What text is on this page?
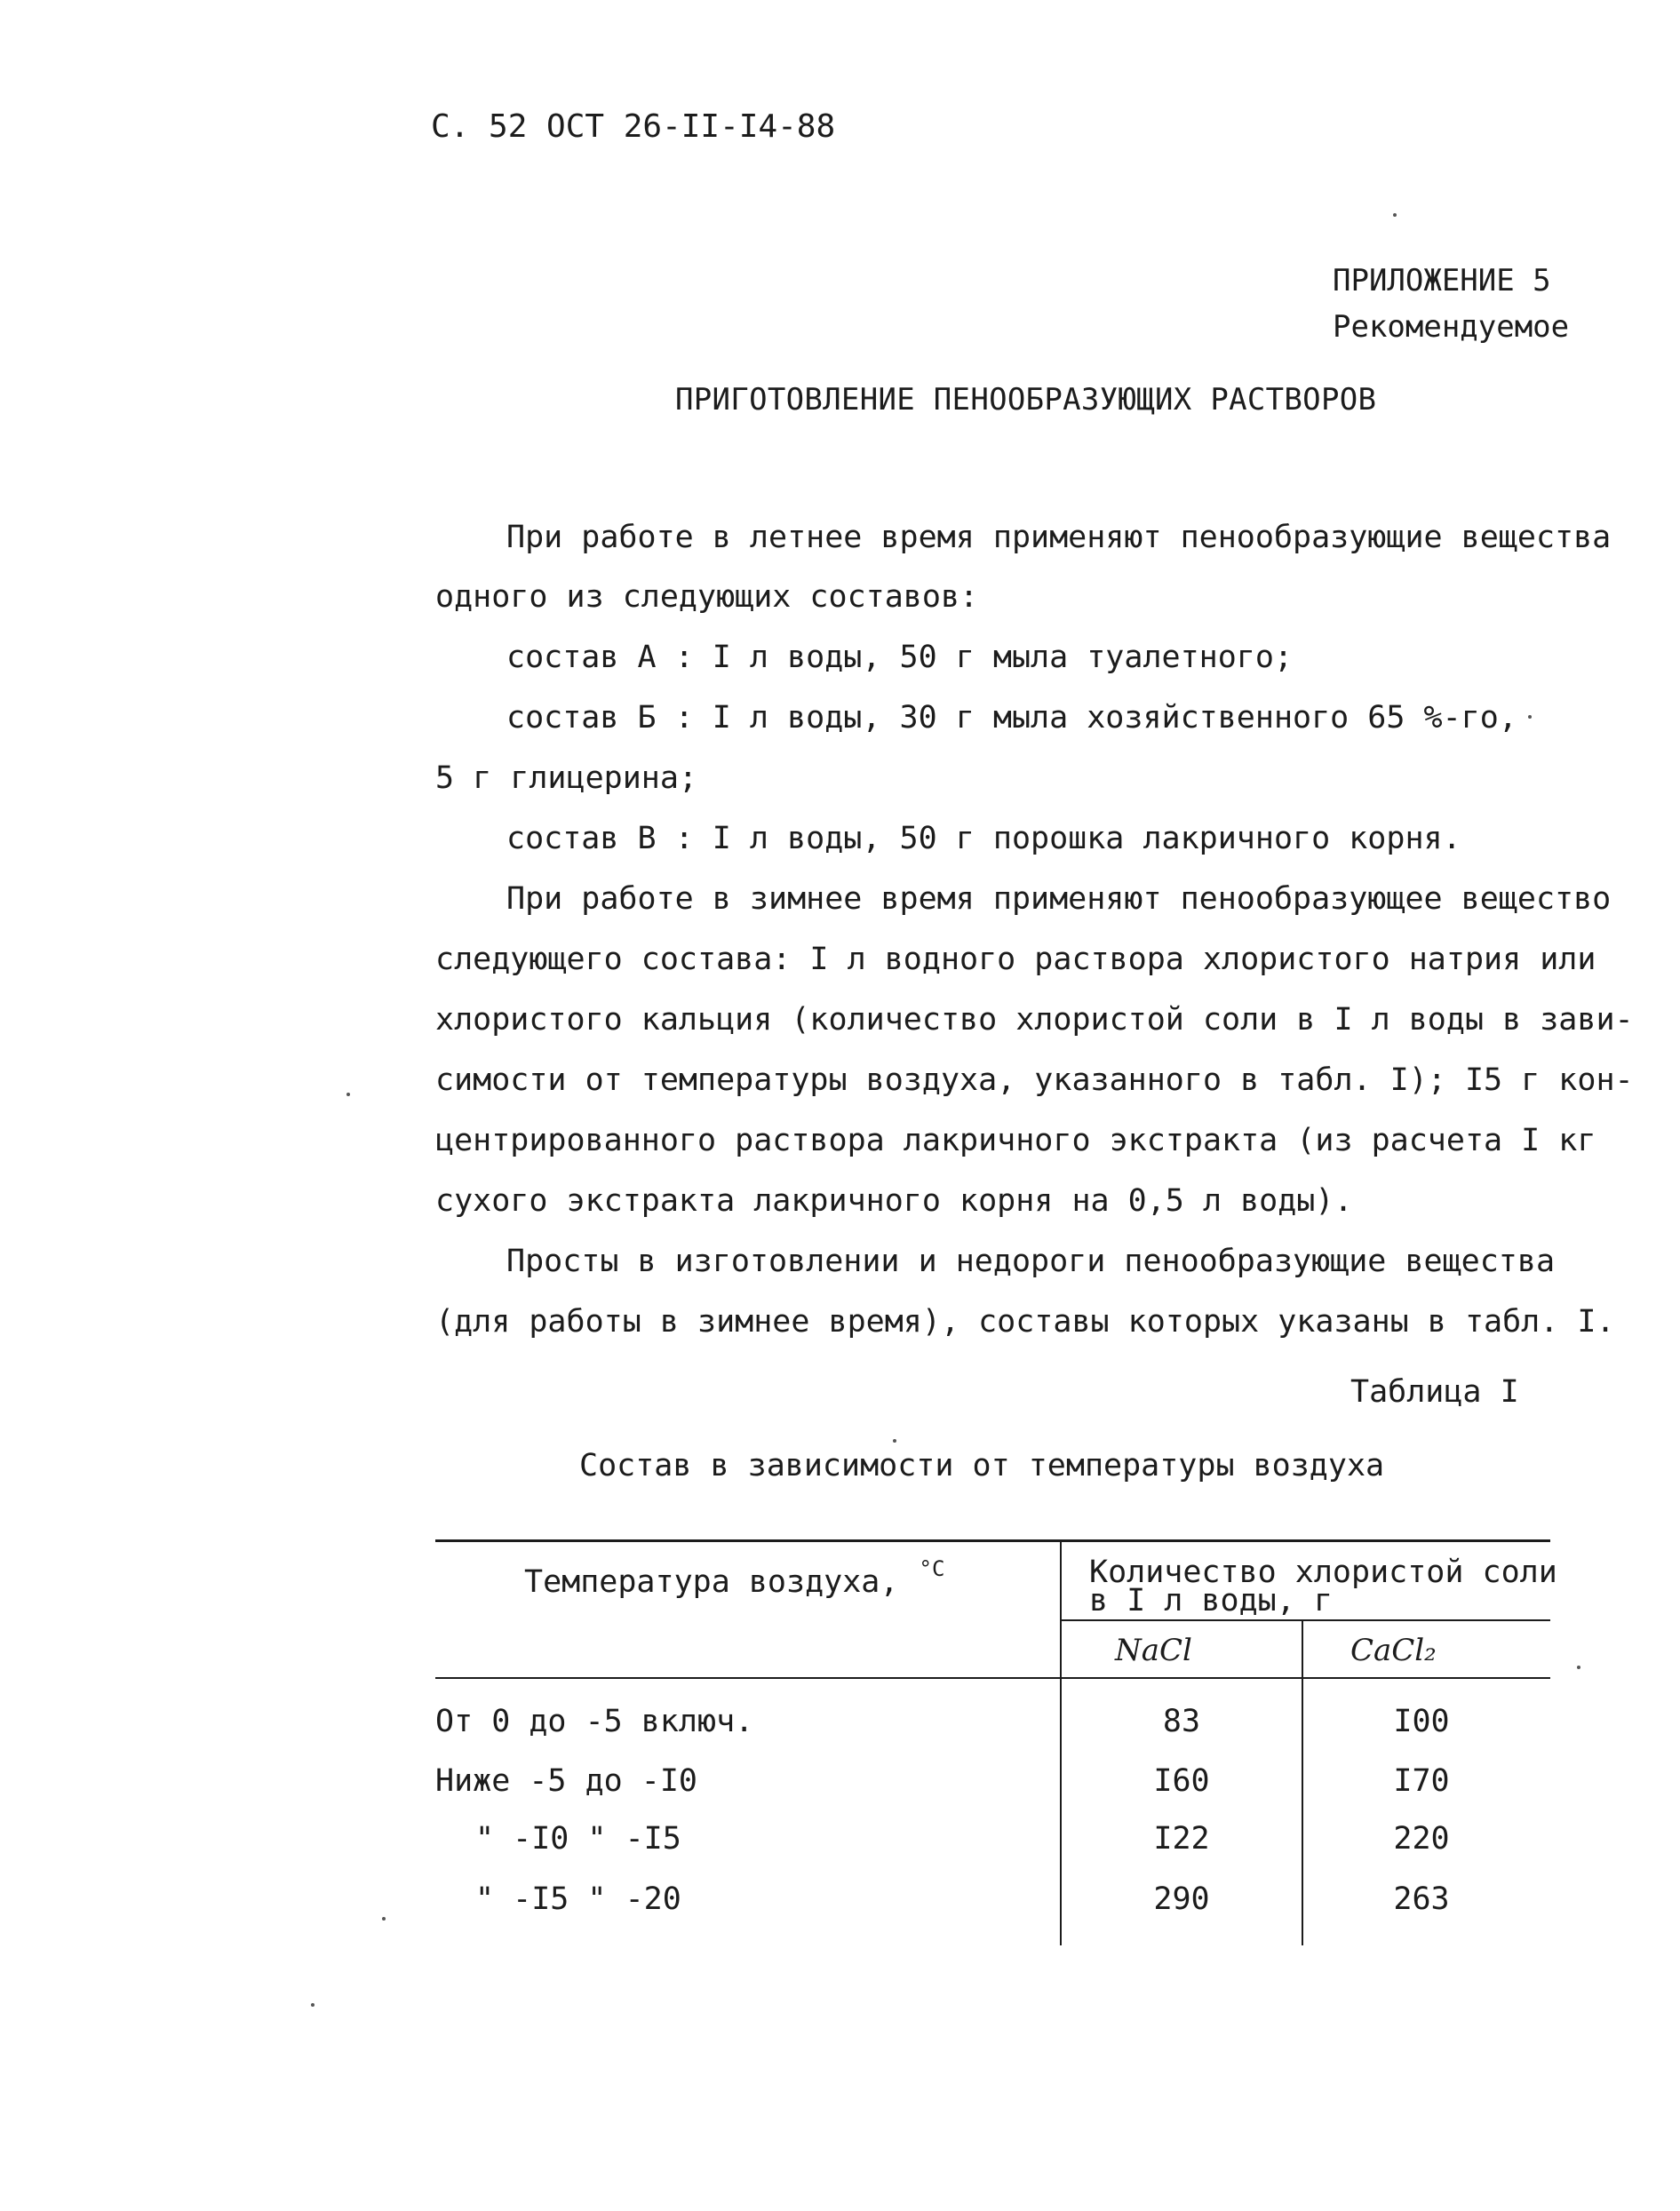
С. 52 ОСТ 26-II-I4-88
ПРИЛОЖЕНИЕ 5
Рекомендуемое
ПРИГОТОВЛЕНИЕ ПЕНООБРАЗУЮЩИХ РАСТВОРОВ
При работе в летнее время применяют пенообразующие вещества
одного из следующих составов:
состав А : I л воды, 50 г мыла туалетного;
состав Б : I л воды, 30 г мыла хозяйственного 65 %-го,
5 г глицерина;
состав В : I л воды, 50 г порошка лакричного корня.
При работе в зимнее время применяют пенообразующее вещество
следующего состава: I л водного раствора хлористого натрия или
хлористого кальция (количество хлористой соли в I л воды в зави-
симости от температуры воздуха, указанного в табл. I); I5 г кон-
центрированного раствора лакричного экстракта (из расчета I кг
сухого экстракта лакричного корня на 0,5 л воды).
Просты в изготовлении и недороги пенообразующие вещества
(для работы в зимнее время), составы которых указаны в табл. I.
Таблица I
Состав в зависимости от температуры воздуха
Температура воздуха, $^{^\circ С}$	Количество хлористой соли
в I л воды, г
NaCl	CaCl₂
От 0 до -5 включ.	83	I00
Ниже -5 до -I0	I60	I70
" -I0 " -I5	I22	220
" -I5 " -20	290	263
